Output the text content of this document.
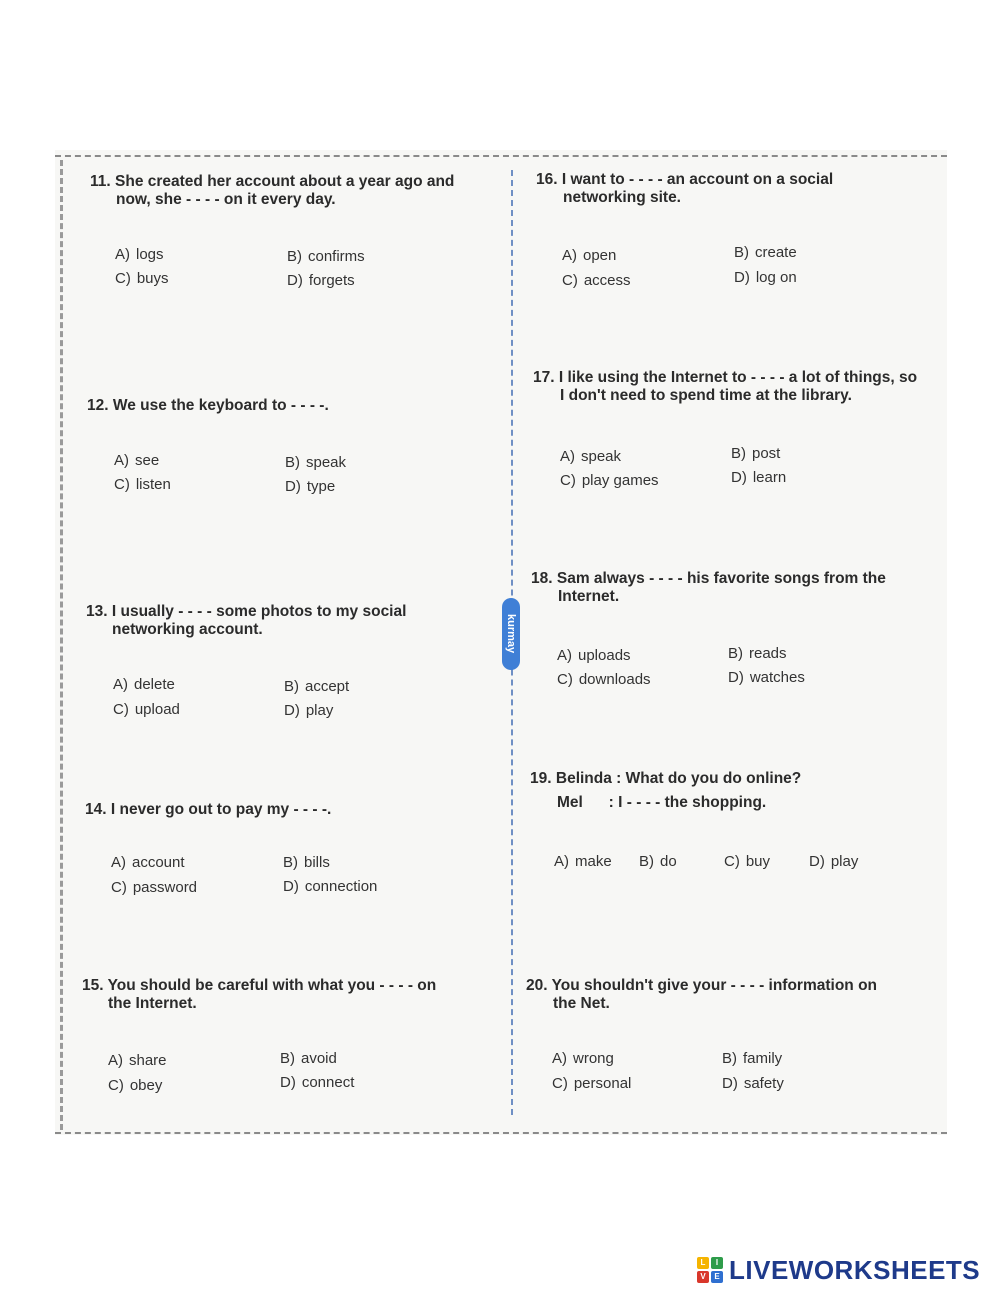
kurmay
11. She created her account about a year ago and
now, she - - - - on it every day.
A) logs	B) confirms
C) buys	D) forgets
12. We use the keyboard to - - - -.
A) see	B) speak
C) listen	D) type
13. I usually - - - - some photos to my social
networking account.
A) delete	B) accept
C) upload	D) play
14. I never go out to pay my - - - -.
A) account	B) bills
C) password	D) connection
15. You should be careful with what you - - - - on
the Internet.
A) share	B) avoid
C) obey	D) connect
16. I want to - - - - an account on a social
networking site.
A) open	B) create
C) access	D) log on
17. I like using the Internet to - - - - a lot of things, so
I don't need to spend time at the library.
A) speak	B) post
C) play games	D) learn
18. Sam always - - - - his favorite songs from the
Internet.
A) uploads	B) reads
C) downloads	D) watches
19. Belinda : What do you do online?
Mel      : I - - - - the shopping.
A) make B) do	C) buy	D) play
20. You shouldn't give your - - - - information on
the Net.
A) wrong	B) family
C) personal	D) safety
L	I
V	E LIVEWORKSHEETS
